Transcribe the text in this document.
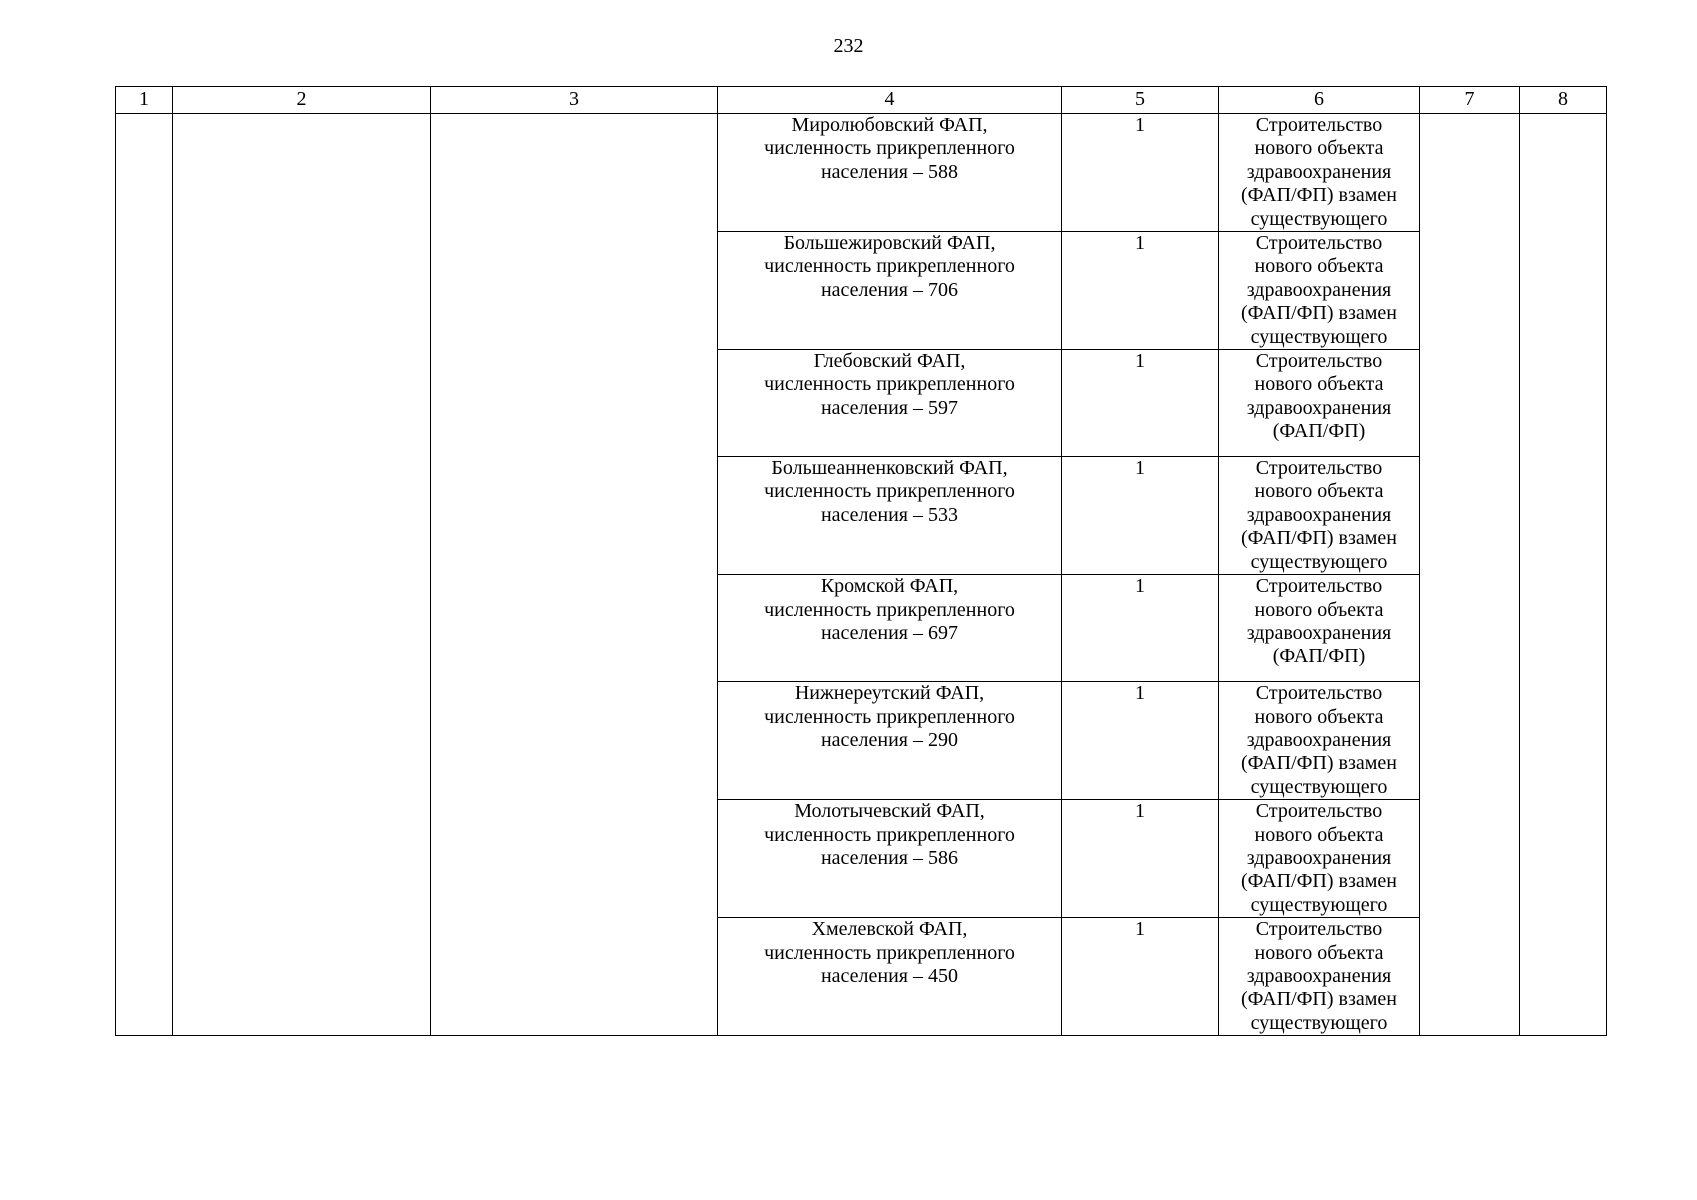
232
1	2	3	4	5	6	7	8

			Миролюбовский ФАП,
численность прикрепленного
населения – 588	1	Строительство
нового объекта
здравоохранения
(ФАП/ФП) взамен
существующего		

			Большежировский ФАП,
численность прикрепленного
населения – 706	1	Строительство
нового объекта
здравоохранения
(ФАП/ФП) взамен
существующего		

			Глебовский ФАП,
численность прикрепленного
населения – 597	1	Строительство
нового объекта
здравоохранения
(ФАП/ФП)		

			Большеанненковский ФАП,
численность прикрепленного
населения – 533	1	Строительство
нового объекта
здравоохранения
(ФАП/ФП) взамен
существующего		

			Кромской ФАП,
численность прикрепленного
населения – 697	1	Строительство
нового объекта
здравоохранения
(ФАП/ФП)		

			Нижнереутский ФАП,
численность прикрепленного
населения – 290	1	Строительство
нового объекта
здравоохранения
(ФАП/ФП) взамен
существующего		

			Молотычевский ФАП,
численность прикрепленного
населения – 586	1	Строительство
нового объекта
здравоохранения
(ФАП/ФП) взамен
существующего		

			Хмелевской ФАП,
численность прикрепленного
населения – 450	1	Строительство
нового объекта
здравоохранения
(ФАП/ФП) взамен
существующего		
